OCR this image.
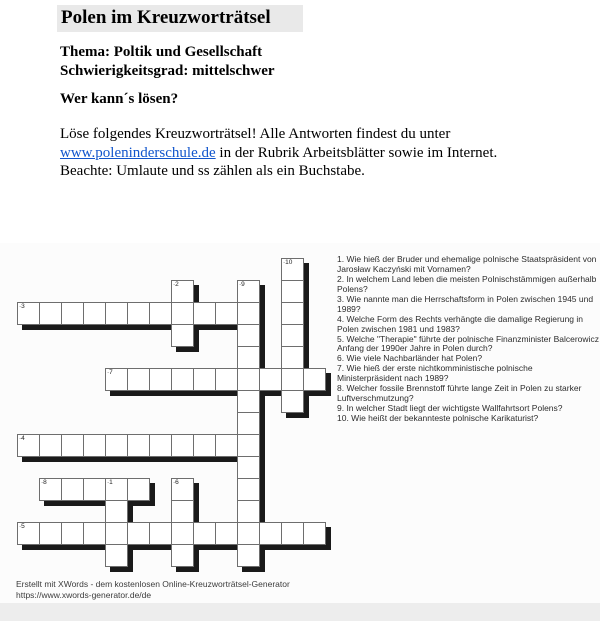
Polen im Kreuzworträtsel
Thema: Poltik und Gesellschaft
Schwierigkeitsgrad: mittelschwer
Wer kann´s lösen?
Löse folgendes Kreuzworträtsel! Alle Antworten findest du unter
www.poleninderschule.de in der Rubrik Arbeitsblätter sowie im Internet.
Beachte: Umlaute und ss zählen als ein Buchstabe.
·1
·2
·3
·4
·5
·6
·7
·8
·9
·10	1. Wie hieß der Bruder und ehemalige polnische Staatspräsident von Jarosław Kaczyński mit Vornamen?
2. In welchem Land leben die meisten Polnischstämmigen außerhalb Polens?
3. Wie nannte man die Herrschaftsform in Polen zwischen 1945 und 1989?
4. Welche Form des Rechts verhängte die damalige Regierung in Polen zwischen 1981 und 1983?
5. Welche "Therapie" führte der polnische Finanzminister Balcerowicz Anfang der 1990er Jahre in Polen durch?
6. Wie viele Nachbarländer hat Polen?
7. Wie hieß der erste nichtkomministische polnische Ministerpräsident nach 1989?
8. Welcher fossile Brennstoff führte lange Zeit in Polen zu starker Luftverschmutzung?
9. In welcher Stadt liegt der wichtigste Wallfahrtsort Polens?
10. Wie heißt der bekannteste polnische Karikaturist?
Erstellt mit XWords - dem kostenlosen Online-Kreuzworträtsel-Generator
https://www.xwords-generator.de/de
